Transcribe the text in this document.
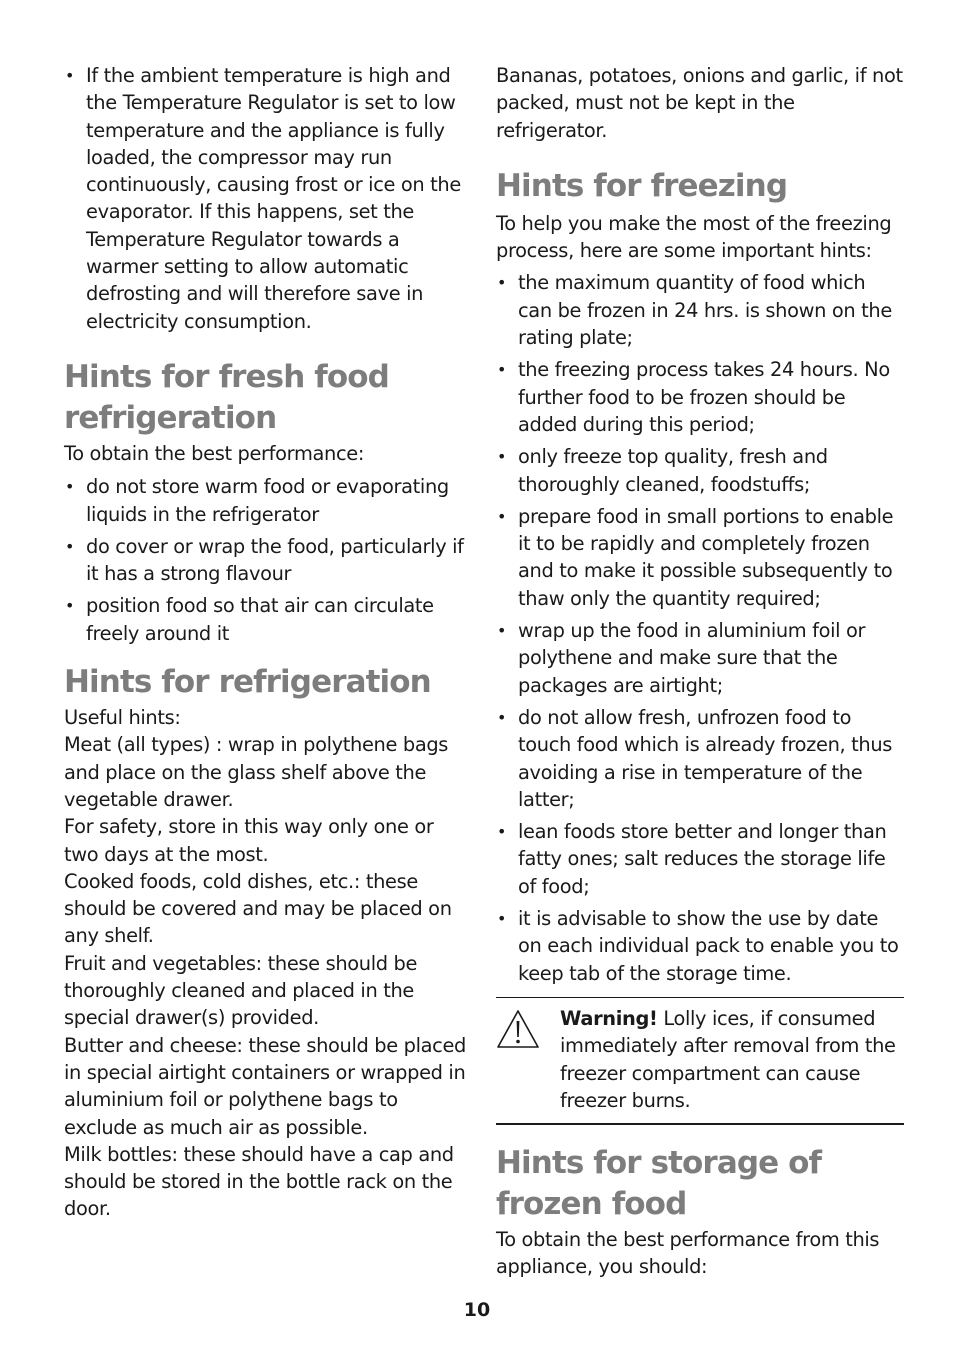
• If the ambient temperature is high and the Temperature Regulator is set to low temperature and the appliance is fully loaded, the compressor may run continuously, causing frost or ice on the evaporator. If this happens, set the Temperature Regulator towards a warmer setting to allow automatic defrosting and will therefore save in electricity consumption.
Hints for fresh food refrigeration

To obtain the best performance:

• do not store warm food or evaporating liquids in the refrigerator
• do cover or wrap the food, particularly if it has a strong flavour
• position food so that air can circulate freely around it
Hints for refrigeration

Useful hints:

Meat (all types) : wrap in polythene bags and place on the glass shelf above the vegetable drawer.

For safety, store in this way only one or two days at the most.

Cooked foods, cold dishes, etc.: these should be covered and may be placed on any shelf.

Fruit and vegetables: these should be thoroughly cleaned and placed in the special drawer(s) provided.

Butter and cheese: these should be placed in special airtight containers or wrapped in aluminium foil or polythene bags to exclude as much air as possible.

Milk bottles: these should have a cap and should be stored in the bottle rack on the door.

Bananas, potatoes, onions and garlic, if not packed, must not be kept in the refrigerator.

Hints for freezing

To help you make the most of the freezing process, here are some important hints:

• the maximum quantity of food which can be frozen in 24 hrs. is shown on the rating plate;
• the freezing process takes 24 hours. No further food to be frozen should be added during this period;
• only freeze top quality, fresh and thoroughly cleaned, foodstuffs;
• prepare food in small portions to enable it to be rapidly and completely frozen and to make it possible subsequently to thaw only the quantity required;
• wrap up the food in aluminium foil or polythene and make sure that the packages are airtight;
• do not allow fresh, unfrozen food to touch food which is already frozen, thus avoiding a rise in temperature of the latter;
• lean foods store better and longer than fatty ones; salt reduces the storage life of food;
• it is advisable to show the use by date on each individual pack to enable you to keep tab of the storage time.

Warning! Lolly ices, if consumed immediately after removal from the freezer compartment can cause freezer burns.

Hints for storage of frozen food

To obtain the best performance from this appliance, you should:

10
